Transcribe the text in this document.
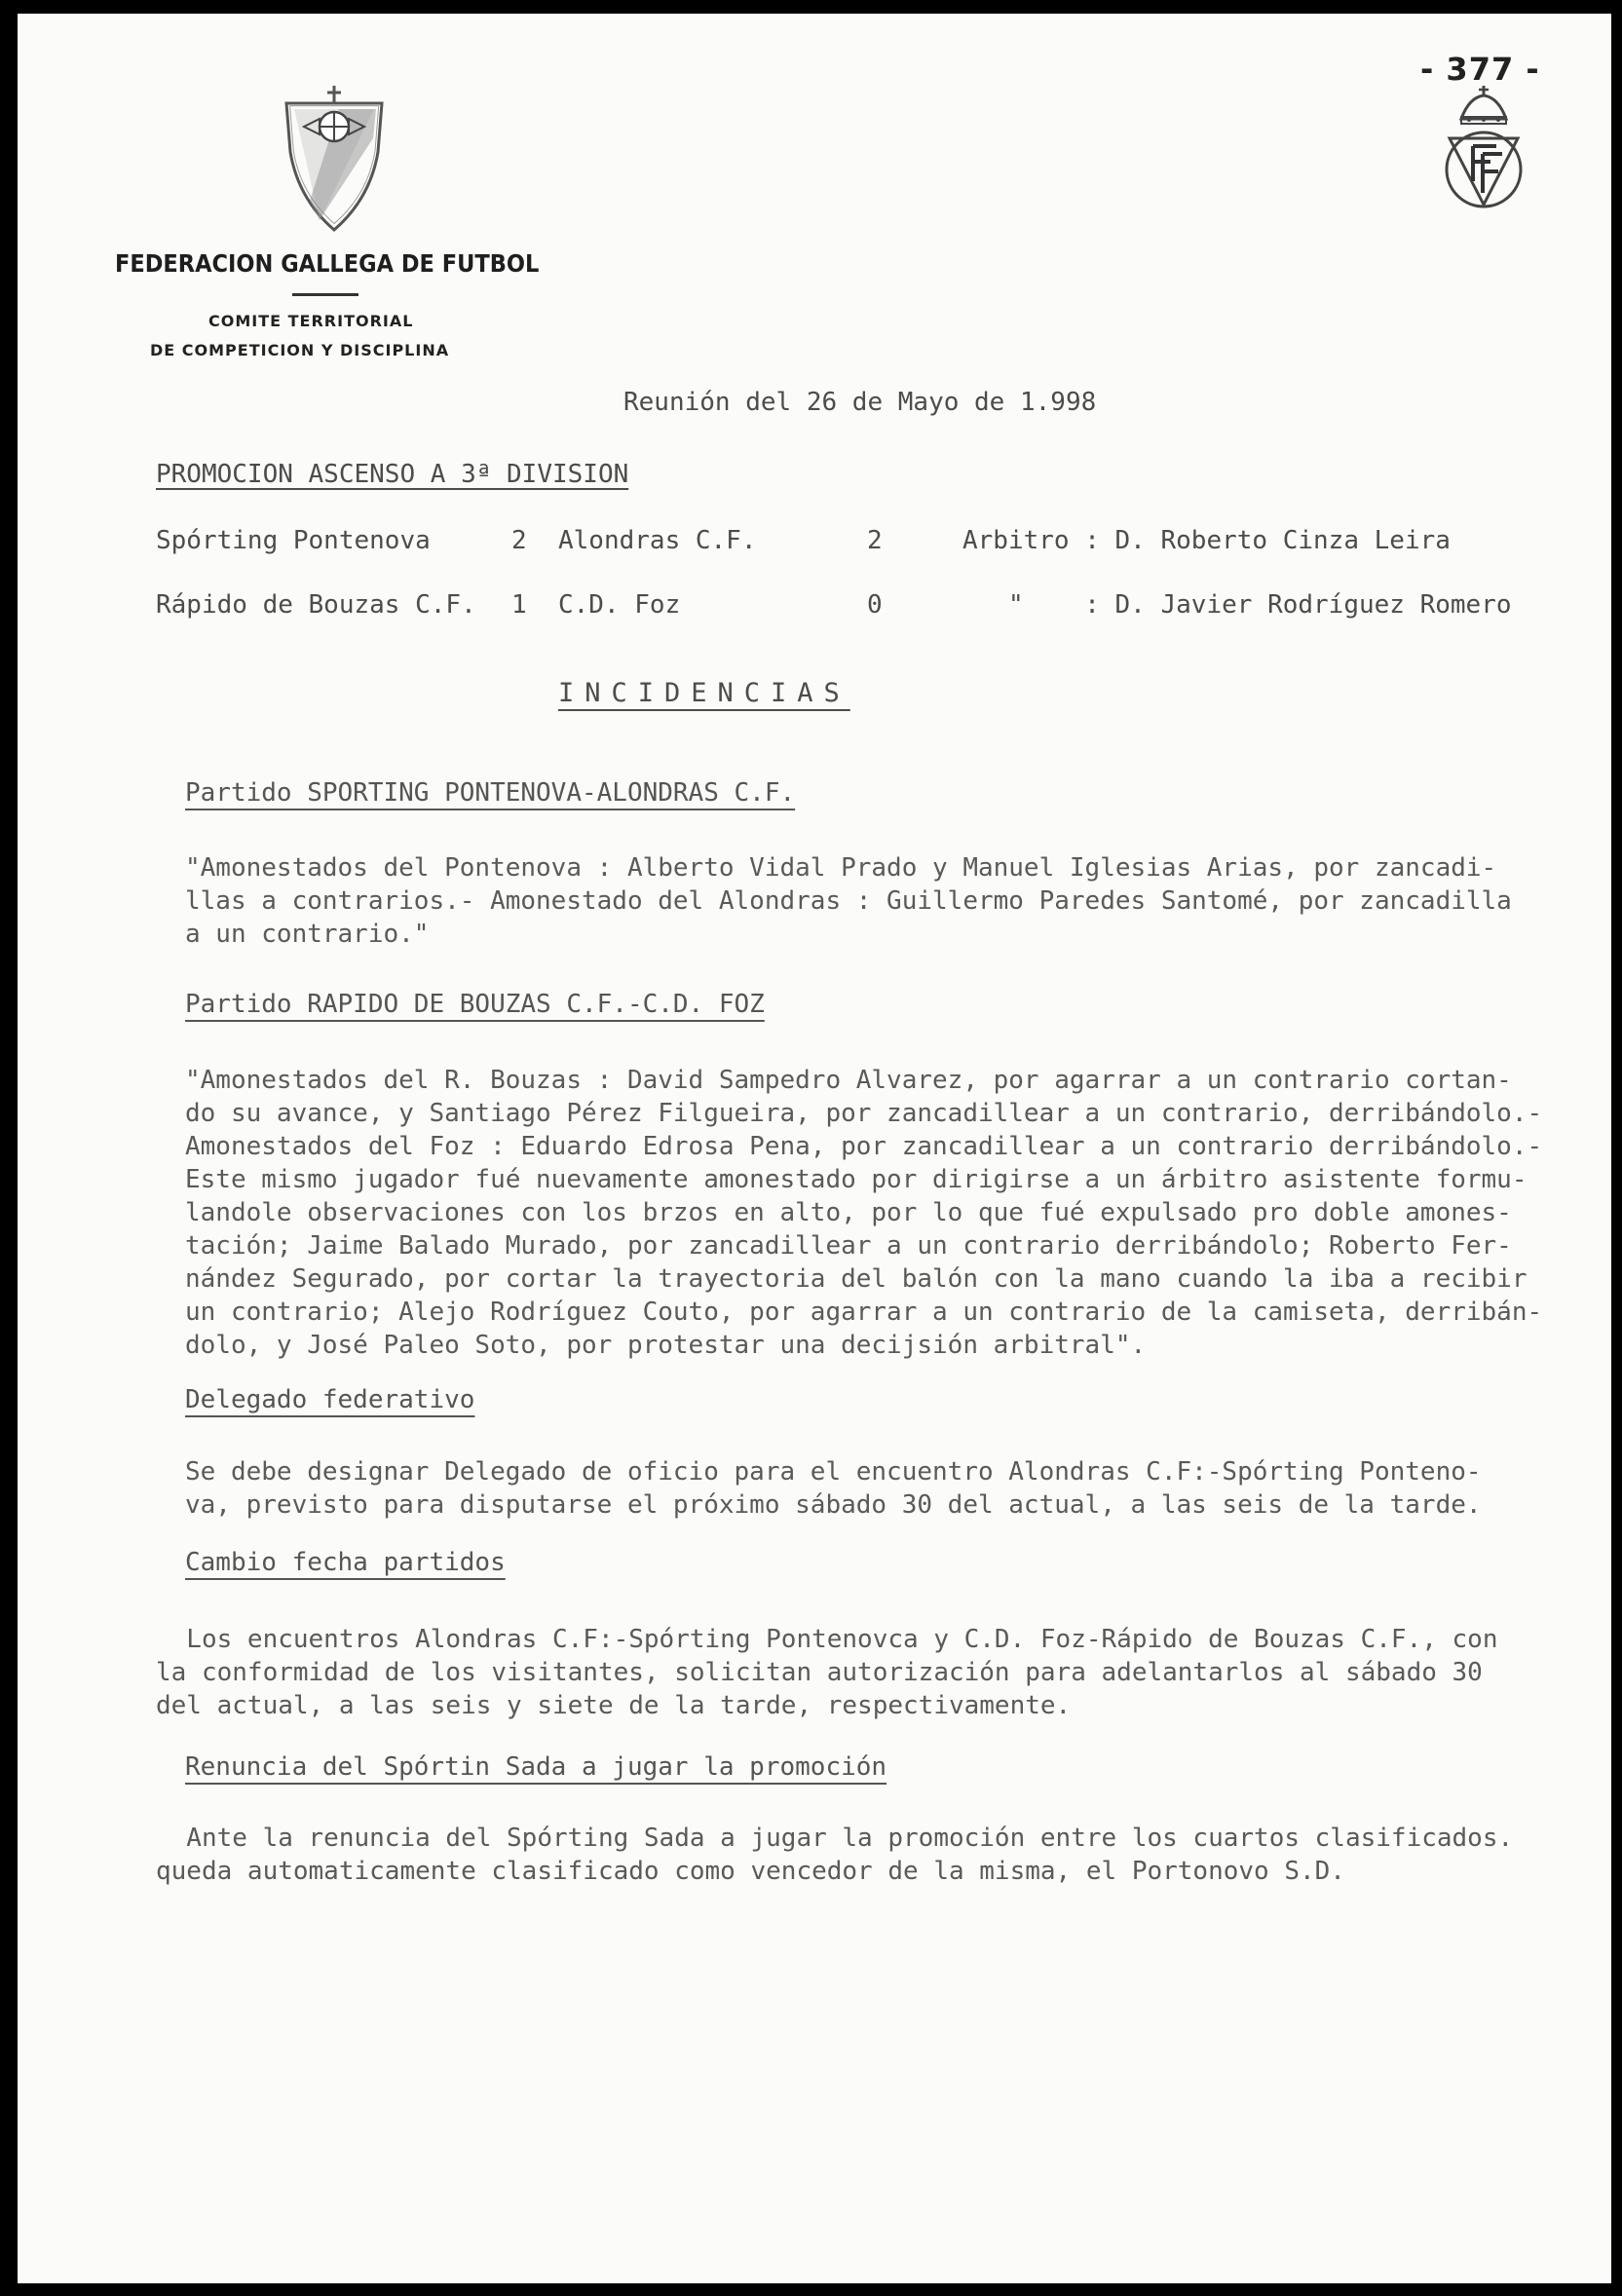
- 377 -
FEDERACION GALLEGA DE FUTBOL
COMITE TERRITORIAL
DE COMPETICION Y DISCIPLINA
Reunión del 26 de Mayo de 1.998
PROMOCION ASCENSO A 3ª DIVISION
Spórting Pontenova	2 Alondras C.F.	2	Arbitro : D. Roberto Cinza Leira
Rápido de Bouzas C.F. 1 C.D. Foz	0	"    : D. Javier Rodríguez Romero
INCIDENCIAS
Partido SPORTING PONTENOVA-ALONDRAS C.F.
"Amonestados del Pontenova : Alberto Vidal Prado y Manuel Iglesias Arias, por zancadi-
llas a contrarios.- Amonestado del Alondras : Guillermo Paredes Santomé, por zancadilla
a un contrario."
Partido RAPIDO DE BOUZAS C.F.-C.D. FOZ
"Amonestados del R. Bouzas : David Sampedro Alvarez, por agarrar a un contrario cortan-
do su avance, y Santiago Pérez Filgueira, por zancadillear a un contrario, derribándolo.-
Amonestados del Foz : Eduardo Edrosa Pena, por zancadillear a un contrario derribándolo.-
Este mismo jugador fué nuevamente amonestado por dirigirse a un árbitro asistente formu-
landole observaciones con los brzos en alto, por lo que fué expulsado pro doble amones-
tación; Jaime Balado Murado, por zancadillear a un contrario derribándolo; Roberto Fer-
nández Segurado, por cortar la trayectoria del balón con la mano cuando la iba a recibir
un contrario; Alejo Rodríguez Couto, por agarrar a un contrario de la camiseta, derribán-
dolo, y José Paleo Soto, por protestar una decijsión arbitral".
Delegado federativo
Se debe designar Delegado de oficio para el encuentro Alondras C.F:-Spórting Ponteno-
va, previsto para disputarse el próximo sábado 30 del actual, a las seis de la tarde.
Cambio fecha partidos
Los encuentros Alondras C.F:-Spórting Pontenovca y C.D. Foz-Rápido de Bouzas C.F., con
la conformidad de los visitantes, solicitan autorización para adelantarlos al sábado 30
del actual, a las seis y siete de la tarde, respectivamente.
Renuncia del Spórtin Sada a jugar la promoción
Ante la renuncia del Spórting Sada a jugar la promoción entre los cuartos clasificados.
queda automaticamente clasificado como vencedor de la misma, el Portonovo S.D.
